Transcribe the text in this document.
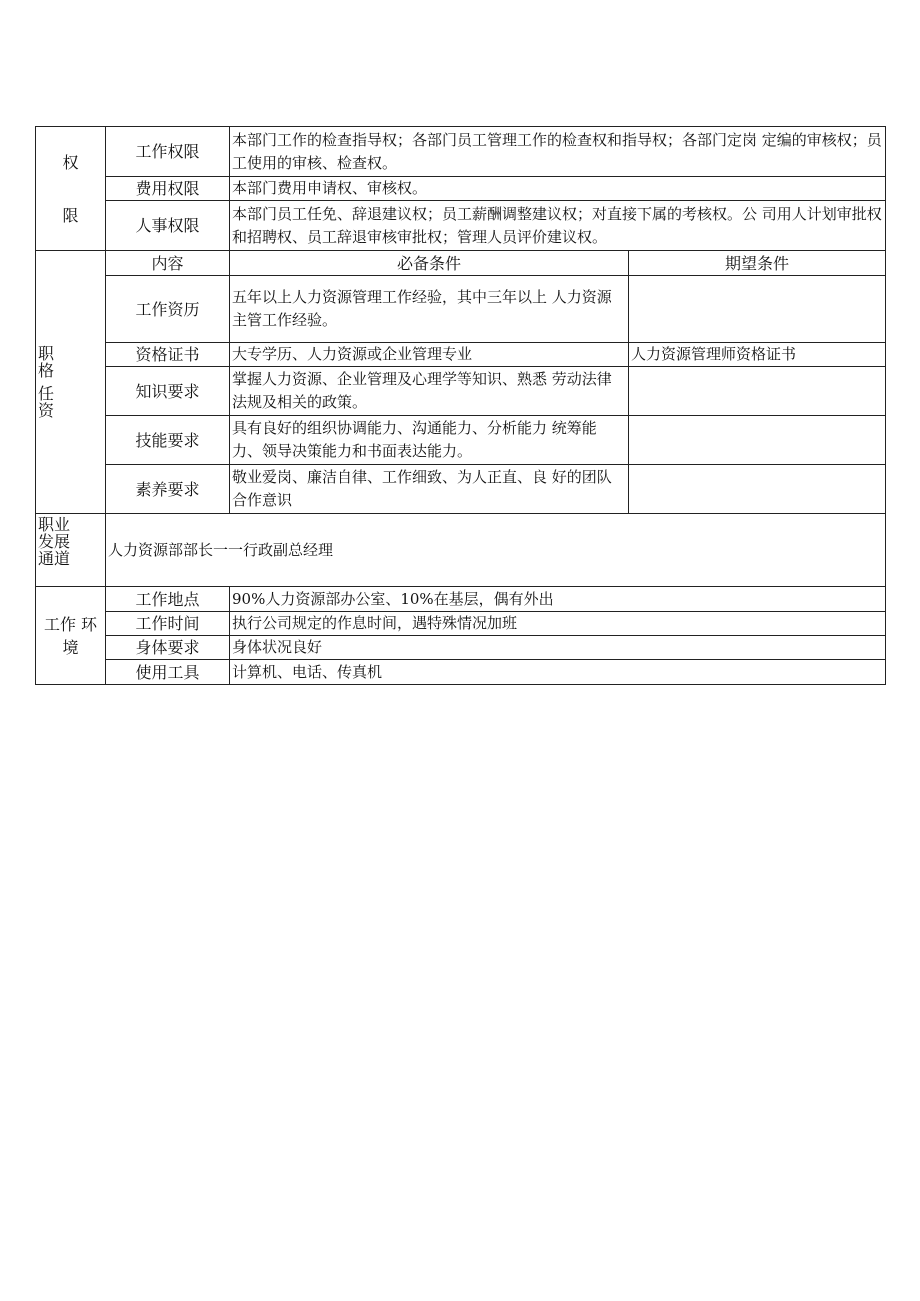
权
限	工作权限	本部门工作的检查指导权；各部门员工管理工作的检查权和指导权；各部门定岗 定编的审核权；员工使用的审核、检查权。	
	费用权限	本部门费用申请权、审核权。	
	人事权限	本部门员工任免、辞退建议权；员工薪酬调整建议权；对直接下属的考核权。公 司用人计划审批权和招聘权、员工辞退审核审批权；管理人员评价建议权。	

职
格
任
资	内容	必备条件	期望条件
	工作资历	五年以上人力资源管理工作经验，其中三年以上 人力资源主管工作经验。	
	资格证书	大专学历、人力资源或企业管理专业	人力资源管理师资格证书
	知识要求	掌握人力资源、企业管理及心理学等知识、熟悉 劳动法律法规及相关的政策。	
	技能要求	具有良好的组织协调能力、沟通能力、分析能力 统筹能力、领导决策能力和书面表达能力。	
	素养要求	敬业爱岗、廉洁自律、工作细致、为人正直、良 好的团队合作意识	

职业
发展
通道	人力资源部部长一一行政副总经理		

工作 环
境	工作地点	90%人力资源部办公室、10%在基层，偶有外出	
	工作时间	执行公司规定的作息时间，遇特殊情况加班	
	身体要求	身体状况良好	
	使用工具	计算机、电话、传真机	
